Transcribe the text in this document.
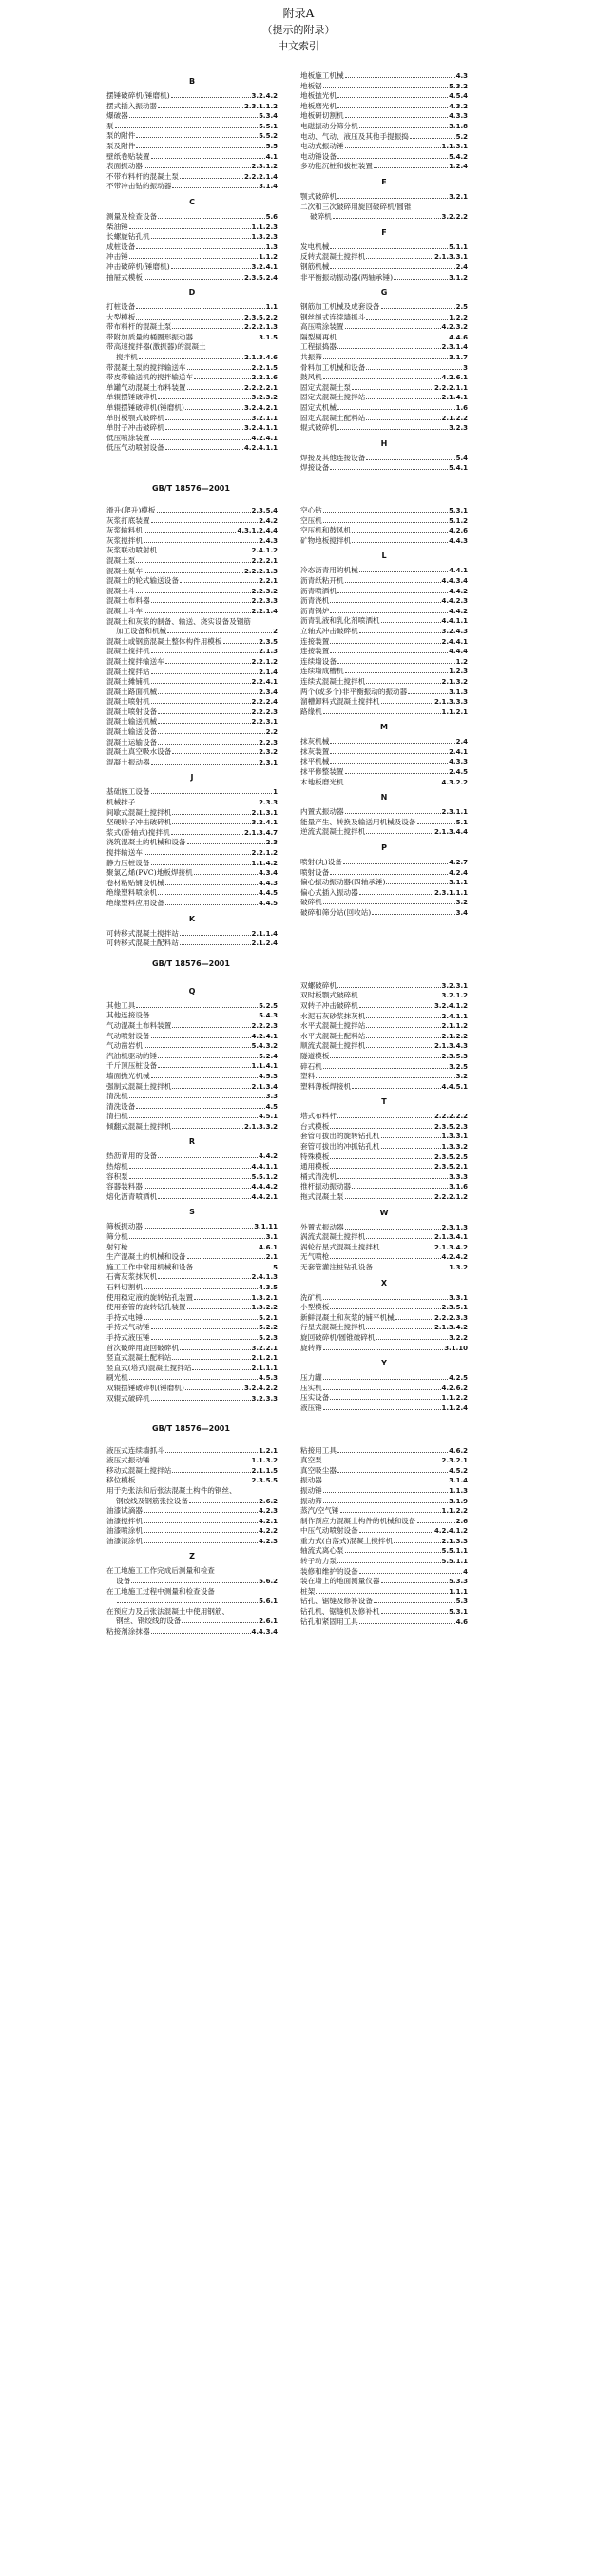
附录A
（提示的附录）
中文索引
B
摆锤破碎机(锤磨机)	3.2.4.2
摆式插入振动器	2.3.1.1.2
爆破器	5.3.4
泵	5.5.1
泵的附件	5.5.2
泵及附件	5.5
壁纸卷贴装置	4.1
表面振动器	2.3.1.2
不带布料杆的混凝土泵	2.2.2.1.4
不带冲击钻的振动器	3.1.4
C
测量及检查设备	5.6
柴油锤	1.1.2.3
长螺旋钻孔机	1.3.2.3
成桩设备	1.3
冲击锤	1.1.2
冲击破碎机(锤磨机)	3.2.4.1
抽屉式模板	2.3.5.2.4
D
打桩设备	1.1
大型模板	2.3.5.2.2
带布料杆的混凝土泵	2.2.2.1.3
带附加质量的桶圈形振动器	3.1.5
带高速搅拌器(激振器)的混凝土
搅拌机	2.1.3.4.6
带混凝土泵的搅拌输送车	2.2.1.5
带皮带输送机的搅拌输送车	2.2.1.6
单罐气动混凝土布料装置	2.2.2.2.1
单辊摆锤破碎机	3.2.3.2
单辊摆锤破碎机(锤磨机)	3.2.4.2.1
单肘板颚式破碎机	3.2.1.1
单肘子冲击破碎机	3.2.4.1.1
低压喷涂装置	4.2.4.1
低压气动喷射设备	4.2.4.1.1
地板施工机械	4.3
地板锯	5.3.2
地板抛光机	4.5.4
地板磨光机	4.3.2
地板研切割机	4.3.3
电磁振动分筛分机	3.1.8
电动、气动、液压及其他手提振捣	5.2
电动式振动锤	1.1.3.1
电动锤设备	5.4.2
多功能沉桩和拔桩装置	1.2.4
E
颚式破碎机	3.2.1
二次和三次破碎用旋回破碎机/圆锥
破碎机	3.2.2.2
F
发电机械	5.1.1
反转式混凝土搅拌机	2.1.3.3.1
钢筋机械	2.4
非平衡振动振动器(两轴承锤)	3.1.2
G
钢筋加工机械及成套设备	2.5
钢丝绳式连续墙抓斗	1.2.2
高压喷涂装置	4.2.3.2
隔型剔再机	4.4.6
工程振捣器	2.3.1.4
共振筛	3.1.7
骨料加工机械和设备	3
鼓风机	4.2.6.1
固定式混凝土泵	2.2.2.1.1
固定式混凝土搅拌站	2.1.4.1
固定式机械	1.6
固定式混凝土配料站	2.1.2.2
辊式破碎机	3.2.3
H
焊接及其他连接设备	5.4
焊接设备	5.4.1
GB/T 18576—2001
滑升(爬升)模板	2.3.5.4
灰浆打底装置	2.4.2
灰浆输料机	4.3.1.2.4.4
灰浆搅拌机	2.4.3
灰浆联动喷射机	2.4.1.2
混凝土泵	2.2.2.1
混凝土泵车	2.2.2.1.3
混凝土的轮式输送设备	2.2.1
混凝土斗	2.2.3.2
混凝土布料器	2.2.3.3
混凝土斗车	2.2.1.4
混凝土和灰浆的制备、输送、浇实设备及钢筋
加工设备和机械	2
混凝土或钢筋混凝土整体构件用模板	2.3.5
混凝土搅拌机	2.1.3
混凝土搅拌输送车	2.2.1.2
混凝土搅拌站	2.1.4
混凝土摊铺机	2.2.4.1
混凝土路面机械	2.3.4
混凝土喷射机	2.2.2.4
混凝土喷射设备	2.2.2.3
混凝土输送机械	2.2.3.1
混凝土输送设备	2.2
混凝土运输设备	2.2.3
混凝土真空吸水设备	2.3.2
混凝土振动器	2.3.1
J
基础施工设备	1
机械抹子	2.3.3
间歇式混凝土搅拌机	2.1.3.1
坚硬转子冲击破碎机	3.2.4.1
浆式(卧轴式)搅拌机	2.1.3.4.7
浇筑混凝土的机械和设备	2.3
搅拌输送车	2.2.1.2
静力压桩设备	1.1.4.2
聚氯乙烯(PVC)地板焊接机	4.3.4
卷材粘贴铺设机械	4.4.3
绝缘塑料喷涂机	4.4.5
绝缘塑料应用设备	4.4.5
K
可转移式混凝土搅拌站	2.1.1.4
可转移式混凝土配料站	2.1.2.4
空心钻	5.3.1
空压机	5.1.2
空压机和鼓风机	4.2.6
矿物地板搅拌机	4.4.3
L
冷态沥青用的机械	4.4.1
沥青纸粘开机	4.4.3.4
沥青喷洒机	4.4.2
沥青浇机	4.4.2.3
沥青锅炉	4.4.2
沥青乳液和乳化剂喷洒机	4.4.1.1
立轴式冲击破碎机	3.2.4.3
连接装置	2.4.4.1
连接装置	4.4.4
连续墙设备	1.2
连续墙成槽机	1.2.3
连续式混凝土搅拌机	2.1.3.2
两个(或多个)非平衡振动的振动器	3.1.3
溜槽卸料式混凝土搅拌机	2.1.3.3.3
路缘机	1.1.2.1
M
抹灰机械	2.4
抹灰装置	2.4.1
抹平机械	4.3.3
抹平修整装置	2.4.5
木地板磨光机	4.3.2.2
N
内置式振动器	2.3.1.1
能量产生、转换及输送用机械及设备	5.1
逆流式混凝土搅拌机	2.1.3.4.4
P
喷射(丸)设备	4.2.7
喷射设备	4.2.4
偏心振动振动器(四轴承锤)	3.1.1
偏心式插入振动器	2.3.1.1.1
破碎机	3.2
破碎和筛分站(回收站)	3.4
GB/T 18576—2001
Q
其他工具	5.2.5
其他连接设备	5.4.3
气动混凝土布料装置	2.2.2.3
气动喷射设备	4.2.4.1
气动凿岩机	5.4.3.2
汽油机驱动的锤	5.2.4
千斤顶压桩设备	1.1.4.1
墙面抛光机械	4.5.3
强制式混凝土搅拌机	2.1.3.4
清洗机	3.3
清洗设备	4.5
清扫机	4.5.1
倾翻式混凝土搅拌机	2.1.3.3.2
R
热沥青用的设备	4.4.2
热熔机	4.4.1.1
容积泵	5.5.1.2
容器装料器	4.4.4.2
熔化沥青喷洒机	4.4.2.1
S
筛板振动器	3.1.11
筛分机	3.1
射钉枪	4.6.1
生产混凝土的机械和设备	2.1
施工工作中常用机械和设备	5
石膏灰浆抹灰机	2.4.1.3
石料切割机	4.3.5
使用稳定液的旋转钻孔装置	1.3.2.1
使用套管的旋转钻孔装置	1.3.2.2
手持式电锤	5.2.1
手持式气动锤	5.2.2
手持式液压锤	5.2.3
首次破碎用旋回破碎机	3.2.2.1
竖直式混凝土配料站	2.1.2.1
竖直式(塔式)混凝土搅拌站	2.1.1.1
刷光机	4.5.3
双辊摆锤破碎机(锤磨机)	3.2.4.2.2
双辊式破碎机	3.2.3.3
双螺破碎机	3.2.3.1
双时板颚式破碎机	3.2.1.2
双转子冲击破碎机	3.2.4.1.2
水泥石灰砂浆抹灰机	2.4.1.1
水平式混凝土搅拌站	2.1.1.2
水平式混凝土配料站	2.1.2.2
顺流式混凝土搅拌机	2.1.3.4.3
隧道模板	2.3.5.3
碎石机	3.2.5
塑料	3.2
塑料薄板焊接机	4.4.5.1
T
塔式布料杆	2.2.2.2.2
台式模板	2.3.5.2.3
套管可拔出的旋转钻孔机	1.3.3.1
套管可拔出的冲抓钻孔机	1.3.3.2
特殊模板	2.3.5.2.5
通用模板	2.3.5.2.1
桶式清洗机	3.3.3
推杆振动振动器	3.1.6
拖式混凝土泵	2.2.2.1.2
W
外置式振动器	2.3.1.3
涡流式混凝土搅拌机	2.1.3.4.1
涡轮行星式混凝土搅拌机	2.1.3.4.2
无气喷枪	4.2.4.2
无套管灌注桩钻孔设备	1.3.2
X
洗矿机	3.3.1
小型模板	2.3.5.1
新鲜混凝土和灰浆的铺平机械	2.2.2.3.3
行星式混凝土搅拌机	2.1.3.4.2
旋回破碎机/圆锥破碎机	3.2.2
旋转筛	3.1.10
Y
压力罐	4.2.5
压实机	4.2.6.2
压实设备	1.1.2.2
液压锤	1.1.2.4
GB/T 18576—2001
液压式连续墙抓斗	1.2.1
液压式振动锤	1.1.3.2
移动式混凝土搅拌站	2.1.1.5
移位模板	2.3.5.5
用于先张法和后张法混凝土构件的钢丝、
钢绞线及钢筋张拉设备	2.6.2
油漆试滴器	4.2.3
油漆搅拌机	4.2.1
油漆喷涂机	4.2.2
油漆滚涂机	4.2.3
Z
在工地施工工作完成后测量和检查
设备	5.6.2
在工地施工过程中测量和检查设备
5.6.1
在预应力及后张法混凝土中使用钢筋、
钢丝、钢绞线的设备	2.6.1
粘接剂涂抹器	4.4.3.4
粘接用工具	4.6.2
真空泵	2.3.2.1
真空吸尘器	4.5.2
振动器	3.1.4
振动锤	1.1.3
振动筛	3.1.9
蒸汽/空气锤	1.1.2.2
制作预应力混凝土构件的机械和设备	2.6
中压气动喷射设备	4.2.4.1.2
重力式(自落式)混凝土搅拌机	2.1.3.3
轴流式离心泵	5.5.1.1
转子动力泵	5.5.1.1
装修和维护的设备	4
装在墙上的地面测量仪器	5.3.3
桩架	1.1.1
钻孔、锯缝及修补设备	5.3
钻孔机、锯缝机及修补机	5.3.1
钻孔和紧固用工具	4.6
